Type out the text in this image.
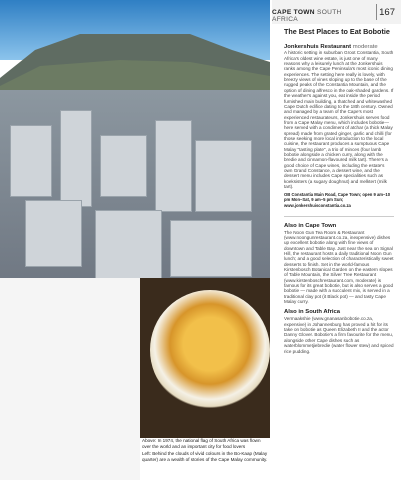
Above: In 1974, the national flag of South Africa was flown over the world and an important city for food lovers
Left: Behind the clouds of vivid colours in the Bo-Kaap (Malay quarter) are a wealth of stories of the Cape Malay community.
CAPE TOWN SOUTH AFRICA
167
The Best Places to Eat Bobotie
Jonkershuis Restaurant moderate

A historic setting in suburban Groot Constantia, South Africa's oldest wine estate, is just one of many reasons why a leisurely lunch at the Jonkershuis ranks among the Cape Peninsula's most iconic dining experiences. The setting here really is lovely, with breezy views of vines sloping up to the base of the rugged peaks of the Constantia Mountain, and the option of dining alfresco in the oak-shaded gardens. If the weather's against you, eat inside the period furnished main building, a thatched and whitewashed Cape Dutch edifice dating to the 18th century. Owned and managed by a team of the Cape's most experienced restaurateurs, Jonkershuis serves food from a Cape Malay menu, which includes bobotie— here served with a condiment of atchar (a thick Malay spread) made from grated ginger, garlic and chilli (for those seeking more local introduction to the local cuisine, the restaurant produces a sumptuous Cape Malay "tasting plate", a trio of minces (four lamb bobotie alongside a chicken curry, along with the bredie and cinnamon-flavoured milk tart). There's a good choice of Cape wines, including the estate's own Grand Constance, a dessert wine, and the dessert menu includes Cape specialities such as koeksisters (a sugary doughnut) and melktert (milk tart).

OB Constantia Main Road, Cape Town; open 9 am–10 pm Mon–Sat, 9 am–5 pm Sun; www.jonkershuisconstantia.co.za

Also in Cape Town

The Noon Gun Tea Room & Restaurant (www.noongunrestaurant.co.za, inexpensive) dishes up excellent bobotie along with fine views of downtown and Table Bay. Just near the sea on Signal Hill, the restaurant hosts a daily traditional Noon Gun lunch; and a good selection of characteristically sweet desserts to finish. Set in the world-famous Kirstenbosch Botanical Garden on the eastern slopes of Table Mountain, the Silver Tree Restaurant (www.kirstenboschrestaurant.com, moderate) is famous for its great bobotie, but is also serves a good bobotie — made with a succulent mix, is served in a traditional clay pot (it Black pot) — and tasty Cape Malay curry.

Also in South Africa

Vermaakshie (www.gnanasanbobotie.co.za, expensive) in Johannesburg has proved a hit for its take on bobotie as Queen Elizabeth II and the actor Danny Glover. Bobotie's a firm favourite for the menu, alongside other Cape dishes such as waterblommetjiebredie (water flower stew) and spiced rice pudding.
